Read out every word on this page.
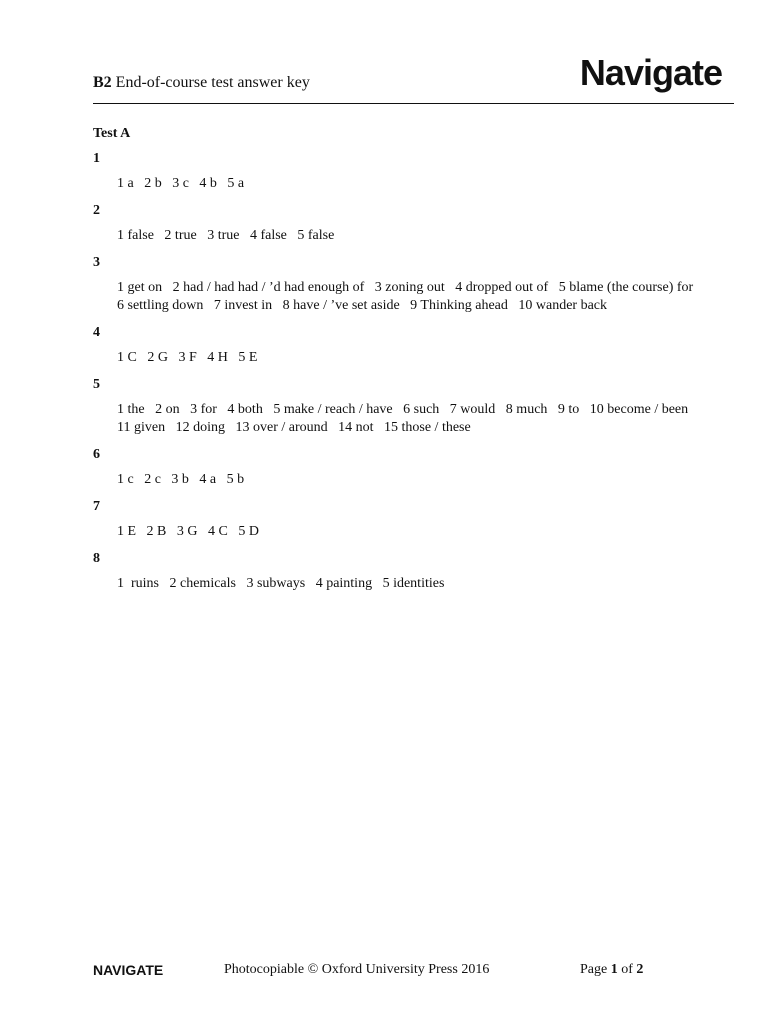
B2 End-of-course test answer key	Navigate
Test A
1
1 a   2 b   3 c   4 b   5 a
2
1 false   2 true   3 true   4 false   5 false
3
1 get on   2 had / had had / ’d had enough of   3 zoning out   4 dropped out of   5 blame (the course) for
6 settling down   7 invest in   8 have / ’ve set aside   9 Thinking ahead   10 wander back
4
1 C   2 G   3 F   4 H   5 E
5
1 the   2 on   3 for   4 both   5 make / reach / have   6 such   7 would   8 much   9 to   10 become / been
11 given   12 doing   13 over / around   14 not   15 those / these
6
1 c   2 c   3 b   4 a   5 b
7
1 E   2 B   3 G   4 C   5 D
8
1  ruins   2 chemicals   3 subways   4 painting   5 identities
NAVIGATE	Photocopiable © Oxford University Press 2016	Page 1 of 2
